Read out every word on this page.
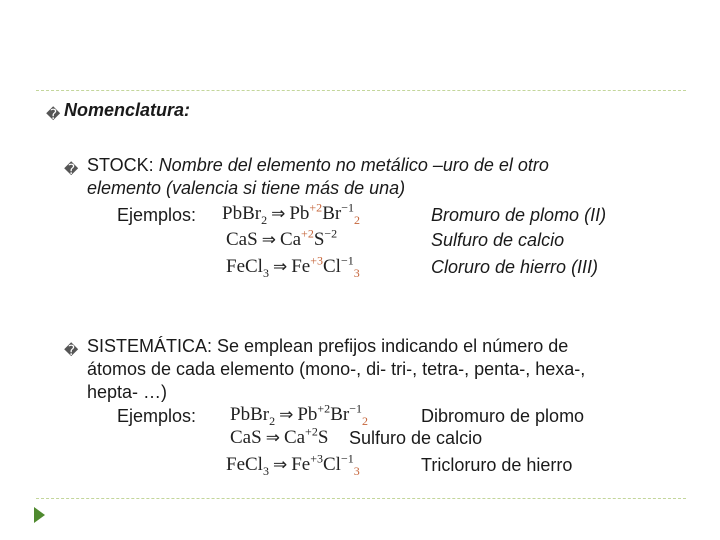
� Nomenclatura:
� STOCK: Nombre del elemento no metálico –uro de el otro
elemento (valencia si tiene más de una)
Ejemplos: PbBr$_2$ ⇒ $Pb^{+2}Br^{-1}_2$	Bromuro de plomo (II)
CaS ⇒ $Ca^{+2}S^{-2}$	Sulfuro de calcio
FeCl$_3$ ⇒ $Fe^{+3}Cl^{-1}_3$	Cloruro de hierro (III)
� SISTEMÁTICA: Se emplean prefijos indicando el número de
átomos de cada elemento (mono-, di- tri-, tetra-, penta-, hexa-,
hepta- …)
Ejemplos: PbBr$_2$ ⇒ $Pb^{+2}Br^{-1}_2$	Dibromuro de plomo
CaS ⇒ $Ca^{+2}S$ Sulfuro de calcio
FeCl$_3$ ⇒ $Fe^{+3}Cl^{-1}_3$	Tricloruro de hierro
